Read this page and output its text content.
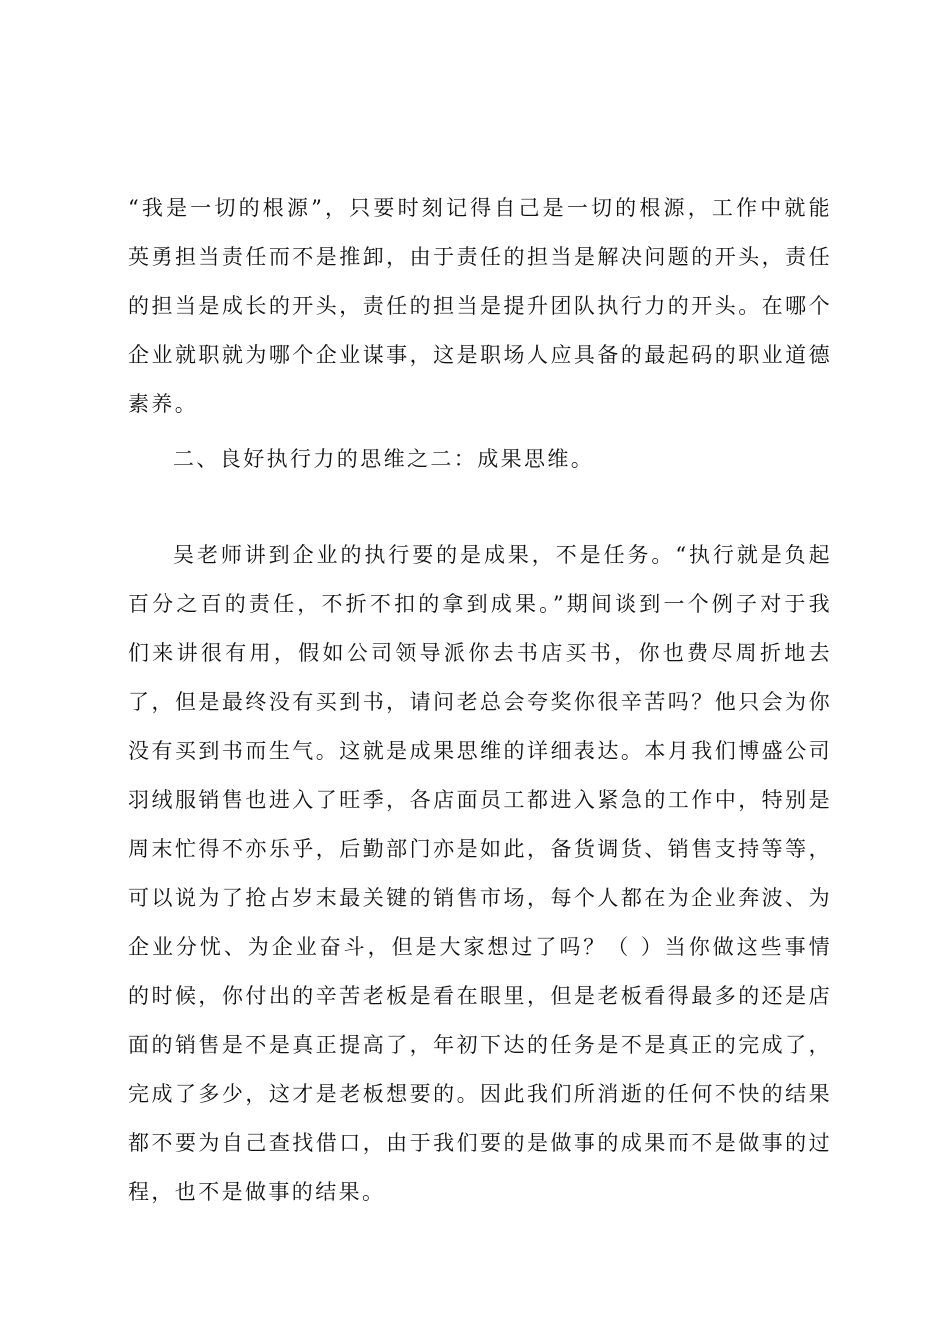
“我是一切的根源”，只要时刻记得自己是一切的根源，工作中就能英勇担当责任而不是推卸，由于责任的担当是解决问题的开头，责任的担当是成长的开头，责任的担当是提升团队执行力的开头。在哪个企业就职就为哪个企业谋事，这是职场人应具备的最起码的职业道德素养。

二、良好执行力的思维之二：成果思维。

吴老师讲到企业的执行要的是成果，不是任务。“执行就是负起百分之百的责任，不折不扣的拿到成果。”期间谈到一个例子对于我们来讲很有用，假如公司领导派你去书店买书，你也费尽周折地去了，但是最终没有买到书，请问老总会夸奖你很辛苦吗？他只会为你没有买到书而生气。这就是成果思维的详细表达。本月我们博盛公司羽绒服销售也进入了旺季，各店面员工都进入紧急的工作中，特别是周末忙得不亦乐乎，后勤部门亦是如此，备货调货、销售支持等等，可以说为了抢占岁末最关键的销售市场，每个人都在为企业奔波、为企业分忧、为企业奋斗，但是大家想过了吗？（ ）当你做这些事情的时候，你付出的辛苦老板是看在眼里，但是老板看得最多的还是店面的销售是不是真正提高了，年初下达的任务是不是真正的完成了，完成了多少，这才是老板想要的。因此我们所消逝的任何不快的结果都不要为自己查找借口，由于我们要的是做事的成果而不是做事的过程，也不是做事的结果。
